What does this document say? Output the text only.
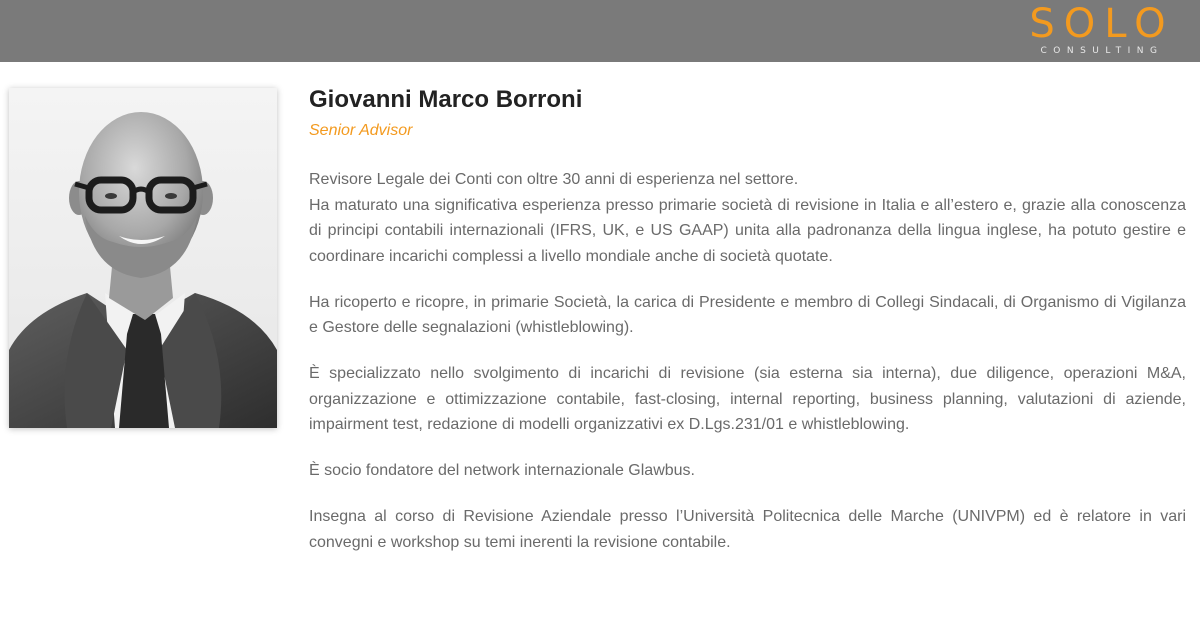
SOLO
CONSULTING
Giovanni Marco Borroni
Senior Advisor

Revisore Legale dei Conti con oltre 30 anni di esperienza nel settore.
Ha maturato una significativa esperienza presso primarie società di revisione in Italia e all’estero e, grazie alla conoscenza di principi contabili internazionali (IFRS, UK, e US GAAP) unita alla padronanza della lingua inglese, ha potuto gestire e coordinare incarichi complessi a livello mondiale anche di società quotate.

Ha ricoperto e ricopre, in primarie Società, la carica di Presidente e membro di Collegi Sindacali, di Organismo di Vigilanza e Gestore delle segnalazioni (whistleblowing).

È specializzato nello svolgimento di incarichi di revisione (sia esterna sia interna), due diligence, operazioni M&A, organizzazione e ottimizzazione contabile, fast-closing, internal reporting, business planning, valutazioni di aziende, impairment test, redazione di modelli organizzativi ex D.Lgs.231/01 e whistleblowing.

È socio fondatore del network internazionale Glawbus.

Insegna al corso di Revisione Aziendale presso l’Università Politecnica delle Marche (UNIVPM) ed è relatore in vari convegni e workshop su temi inerenti la revisione contabile.
